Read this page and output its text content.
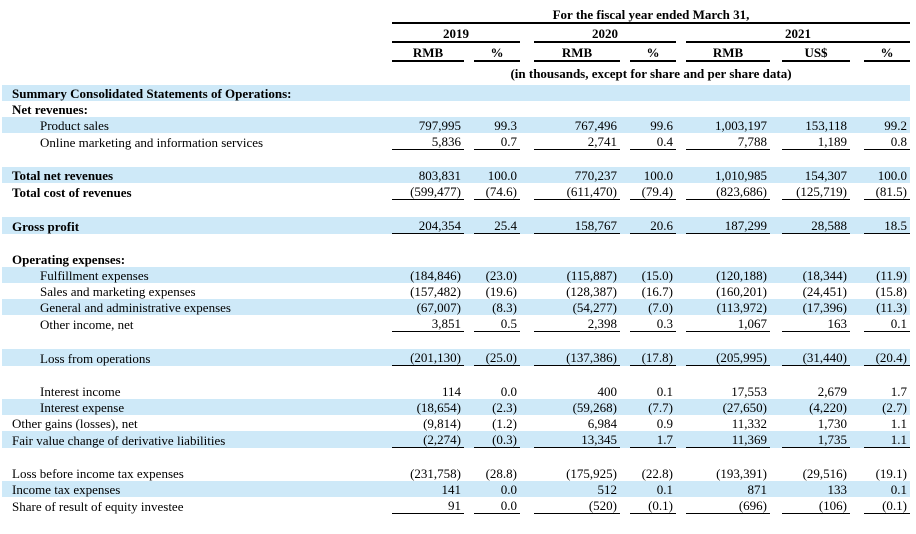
	For the fiscal year ended March 31,												
	2019				2020				2021				
	RMB		%		RMB		%		RMB		US$		%
	(in thousands, except for share and per share data)												
Summary Consolidated Statements of Operations:													
Net revenues:													
Product sales	797,995		99.3		767,496		99.6		1,003,197		153,118		99.2
Online marketing and information services	5,836		0.7		2,741		0.4		7,788		1,189		0.8

Total net revenues	803,831		100.0		770,237		100.0		1,010,985		154,307		100.0
Total cost of revenues	(599,477)		(74.6)		(611,470)		(79.4)		(823,686)		(125,719)		(81.5)

Gross profit	204,354		25.4		158,767		20.6		187,299		28,588		18.5

Operating expenses:													
Fulfillment expenses	(184,846)		(23.0)		(115,887)		(15.0)		(120,188)		(18,344)		(11.9)
Sales and marketing expenses	(157,482)		(19.6)		(128,387)		(16.7)		(160,201)		(24,451)		(15.8)
General and administrative expenses	(67,007)		(8.3)		(54,277)		(7.0)		(113,972)		(17,396)		(11.3)
Other income, net	3,851		0.5		2,398		0.3		1,067		163		0.1

Loss from operations	(201,130)		(25.0)		(137,386)		(17.8)		(205,995)		(31,440)		(20.4)

Interest income	114		0.0		400		0.1		17,553		2,679		1.7
Interest expense	(18,654)		(2.3)		(59,268)		(7.7)		(27,650)		(4,220)		(2.7)
Other gains (losses), net	(9,814)		(1.2)		6,984		0.9		11,332		1,730		1.1
Fair value change of derivative liabilities	(2,274)		(0.3)		13,345		1.7		11,369		1,735		1.1

Loss before income tax expenses	(231,758)		(28.8)		(175,925)		(22.8)		(193,391)		(29,516)		(19.1)
Income tax expenses	141		0.0		512		0.1		871		133		0.1
Share of result of equity investee	91		0.0		(520)		(0.1)		(696)		(106)		(0.1)
